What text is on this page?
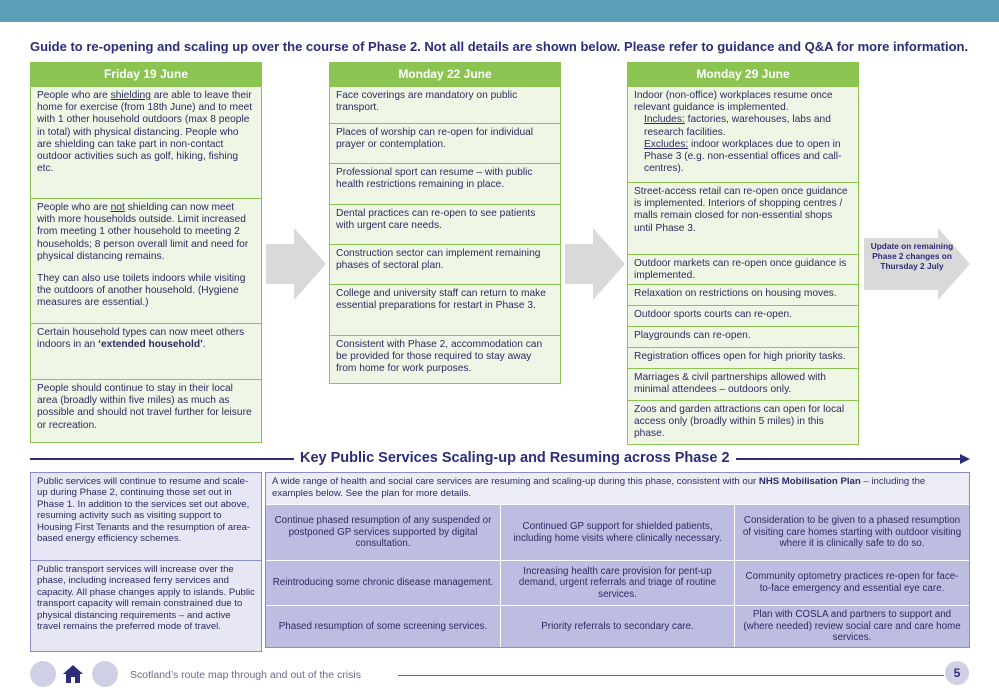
Guide to re-opening and scaling up over the course of Phase 2. Not all details are shown below. Please refer to guidance and Q&A for more information.
Friday 19 June

People who are shielding are able to leave their home for exercise (from 18th June) and to meet with 1 other household outdoors (max 8 people in total) with physical distancing. People who are shielding can take part in non-contact outdoor activities such as golf, hiking, fishing etc.

People who are not shielding can now meet with more households outside. Limit increased from meeting 1 other household to meeting 2 households; 8 person overall limit and need for physical distancing remains.

They can also use toilets indoors while visiting the outdoors of another household. (Hygiene measures are essential.)

Certain household types can now meet others indoors in an ‘extended household’.

People should continue to stay in their local area (broadly within five miles) as much as possible and should not travel further for leisure or recreation.

Monday 22 June

Face coverings are mandatory on public transport.

Places of worship can re-open for individual prayer or contemplation.

Professional sport can resume – with public health restrictions remaining in place.

Dental practices can re-open to see patients with urgent care needs.

Construction sector can implement remaining phases of sectoral plan.

College and university staff can return to make essential preparations for restart in Phase 3.

Consistent with Phase 2, accommodation can be provided for those required to stay away from home for work purposes.

Monday 29 June

Indoor (non-office) workplaces resume once relevant guidance is implemented.

Includes: factories, warehouses, labs and research facilities.
Excludes: indoor workplaces due to open in Phase 3 (e.g. non-essential offices and call-centres).

Street-access retail can re-open once guidance is implemented. Interiors of shopping centres / malls remain closed for non-essential shops until Phase 3.

Outdoor markets can re-open once guidance is implemented.

Relaxation on restrictions on housing moves.

Outdoor sports courts can re-open.

Playgrounds can re-open.

Registration offices open for high priority tasks.

Marriages & civil partnerships allowed with minimal attendees – outdoors only.

Zoos and garden attractions can open for local access only (broadly within 5 miles) in this phase.

Update on remaining Phase 2 changes on Thursday 2 July
Key Public Services Scaling-up and Resuming across Phase 2
Public services will continue to resume and scale-up during Phase 2, continuing those set out in Phase 1. In addition to the services set out above, resuming activity such as visiting support to Housing First Tenants and the resumption of area-based energy efficiency schemes.
Public transport services will increase over the phase, including increased ferry services and capacity. All phase changes apply to islands. Public transport capacity will remain constrained due to physical distancing requirements – and active travel remains the preferred mode of travel.
A wide range of health and social care services are resuming and scaling-up during this phase, consistent with our NHS Mobilisation Plan – including the examples below. See the plan for more details.
Continue phased resumption of any suspended or postponed GP services supported by digital consultation.
Continued GP support for shielded patients, including home visits where clinically necessary.
Consideration to be given to a phased resumption of visiting care homes starting with outdoor visiting where it is clinically safe to do so.
Reintroducing some chronic disease management.
Increasing health care provision for pent-up demand, urgent referrals and triage of routine services.
Community optometry practices re-open for face-to-face emergency and essential eye care.
Phased resumption of some screening services.	Priority referrals to secondary care.
Plan with COSLA and partners to support and (where needed) review social care and care home services.
Scotland’s route map through and out of the crisis	5
